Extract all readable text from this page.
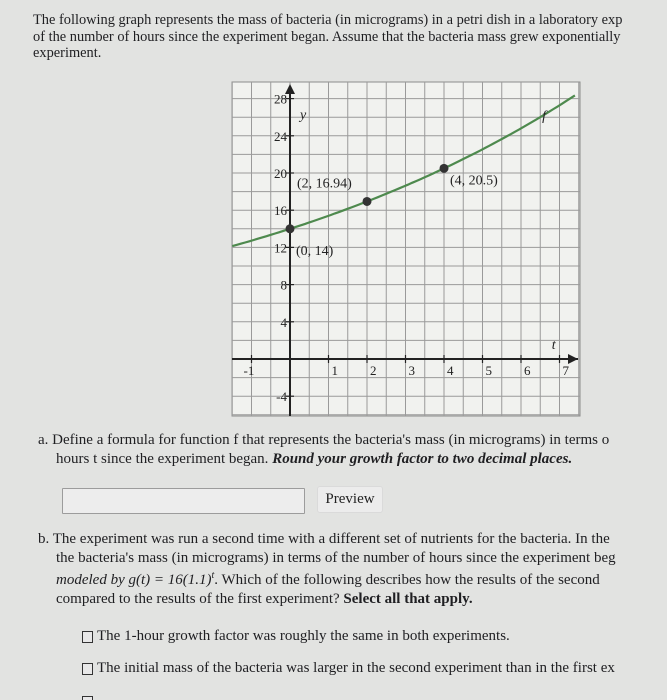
The following graph represents the mass of bacteria (in micrograms) in a petri dish in a laboratory exp
of the number of hours since the experiment began. Assume that the bacteria mass grew exponentially
experiment.
-1	1 2 3 4 5 6 7
-4
4
8
12
16
20
24
28
y
t
f
(0, 14)
(2, 16.94)	(4, 20.5)
a. Define a formula for function f that represents the bacteria's mass (in micrograms) in terms o
hours t since the experiment began. Round your growth factor to two decimal places.
Preview
b. The experiment was run a second time with a different set of nutrients for the bacteria. In the
the bacteria's mass (in micrograms) in terms of the number of hours since the experiment beg
modeled by $g(t) = 16(1.1)^t$. Which of the following describes how the results of the second
compared to the results of the first experiment? Select all that apply.
The 1-hour growth factor was roughly the same in both experiments.
The initial mass of the bacteria was larger in the second experiment than in the first ex
